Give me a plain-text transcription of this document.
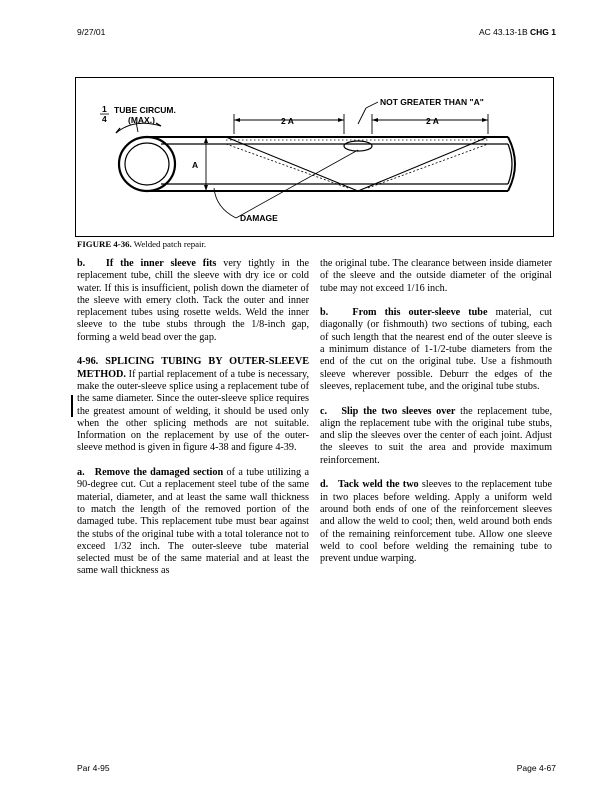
9/27/01	AC 43.13-1B CHG 1
1
4
TUBE CIRCUM.
(MAX.)
NOT GREATER THAN "A"
2 A	2 A
A
DAMAGE
FIGURE 4-36. Welded patch repair.

b.   If the inner sleeve fits very tightly in the replacement tube, chill the sleeve with dry ice or cold water. If this is insufficient, polish down the diameter of the sleeve with emery cloth. Tack the outer and inner replacement tubes using rosette welds. Weld the inner sleeve to the tube stubs through the 1/8-inch gap, forming a weld bead over the gap.

4-96. SPLICING TUBING BY OUTER-SLEEVE METHOD. If partial replacement of a tube is necessary, make the outer-sleeve splice using a replacement tube of the same diameter. Since the outer-sleeve splice requires the greatest amount of welding, it should be used only when the other splicing methods are not suitable. Information on the replacement by use of the outer-sleeve method is given in figure 4-38 and figure 4-39.

a.   Remove the damaged section of a tube utilizing a 90-degree cut. Cut a replacement steel tube of the same material, diameter, and at least the same wall thickness to match the length of the removed portion of the damaged tube. This replacement tube must bear against the stubs of the original tube with a total tolerance not to exceed 1/32 inch. The outer-sleeve tube material selected must be of the same material and at least the same wall thickness as

the original tube. The clearance between inside diameter of the sleeve and the outside diameter of the original tube may not exceed 1/16 inch.

b.   From this outer-sleeve tube material, cut diagonally (or fishmouth) two sections of tubing, each of such length that the nearest end of the outer sleeve is a minimum distance of 1-1/2-tube diameters from the end of the cut on the original tube. Use a fishmouth sleeve wherever possible. Deburr the edges of the sleeves, replacement tube, and the original tube stubs.

c.   Slip the two sleeves over the replacement tube, align the replacement tube with the original tube stubs, and slip the sleeves over the center of each joint. Adjust the sleeves to suit the area and provide maximum reinforcement.

d.   Tack weld the two sleeves to the replacement tube in two places before welding. Apply a uniform weld around both ends of one of the reinforcement sleeves and allow the weld to cool; then, weld around both ends of the remaining reinforcement tube. Allow one sleeve weld to cool before welding the remaining tube to prevent undue warping.

Par 4-95	Page 4-67
